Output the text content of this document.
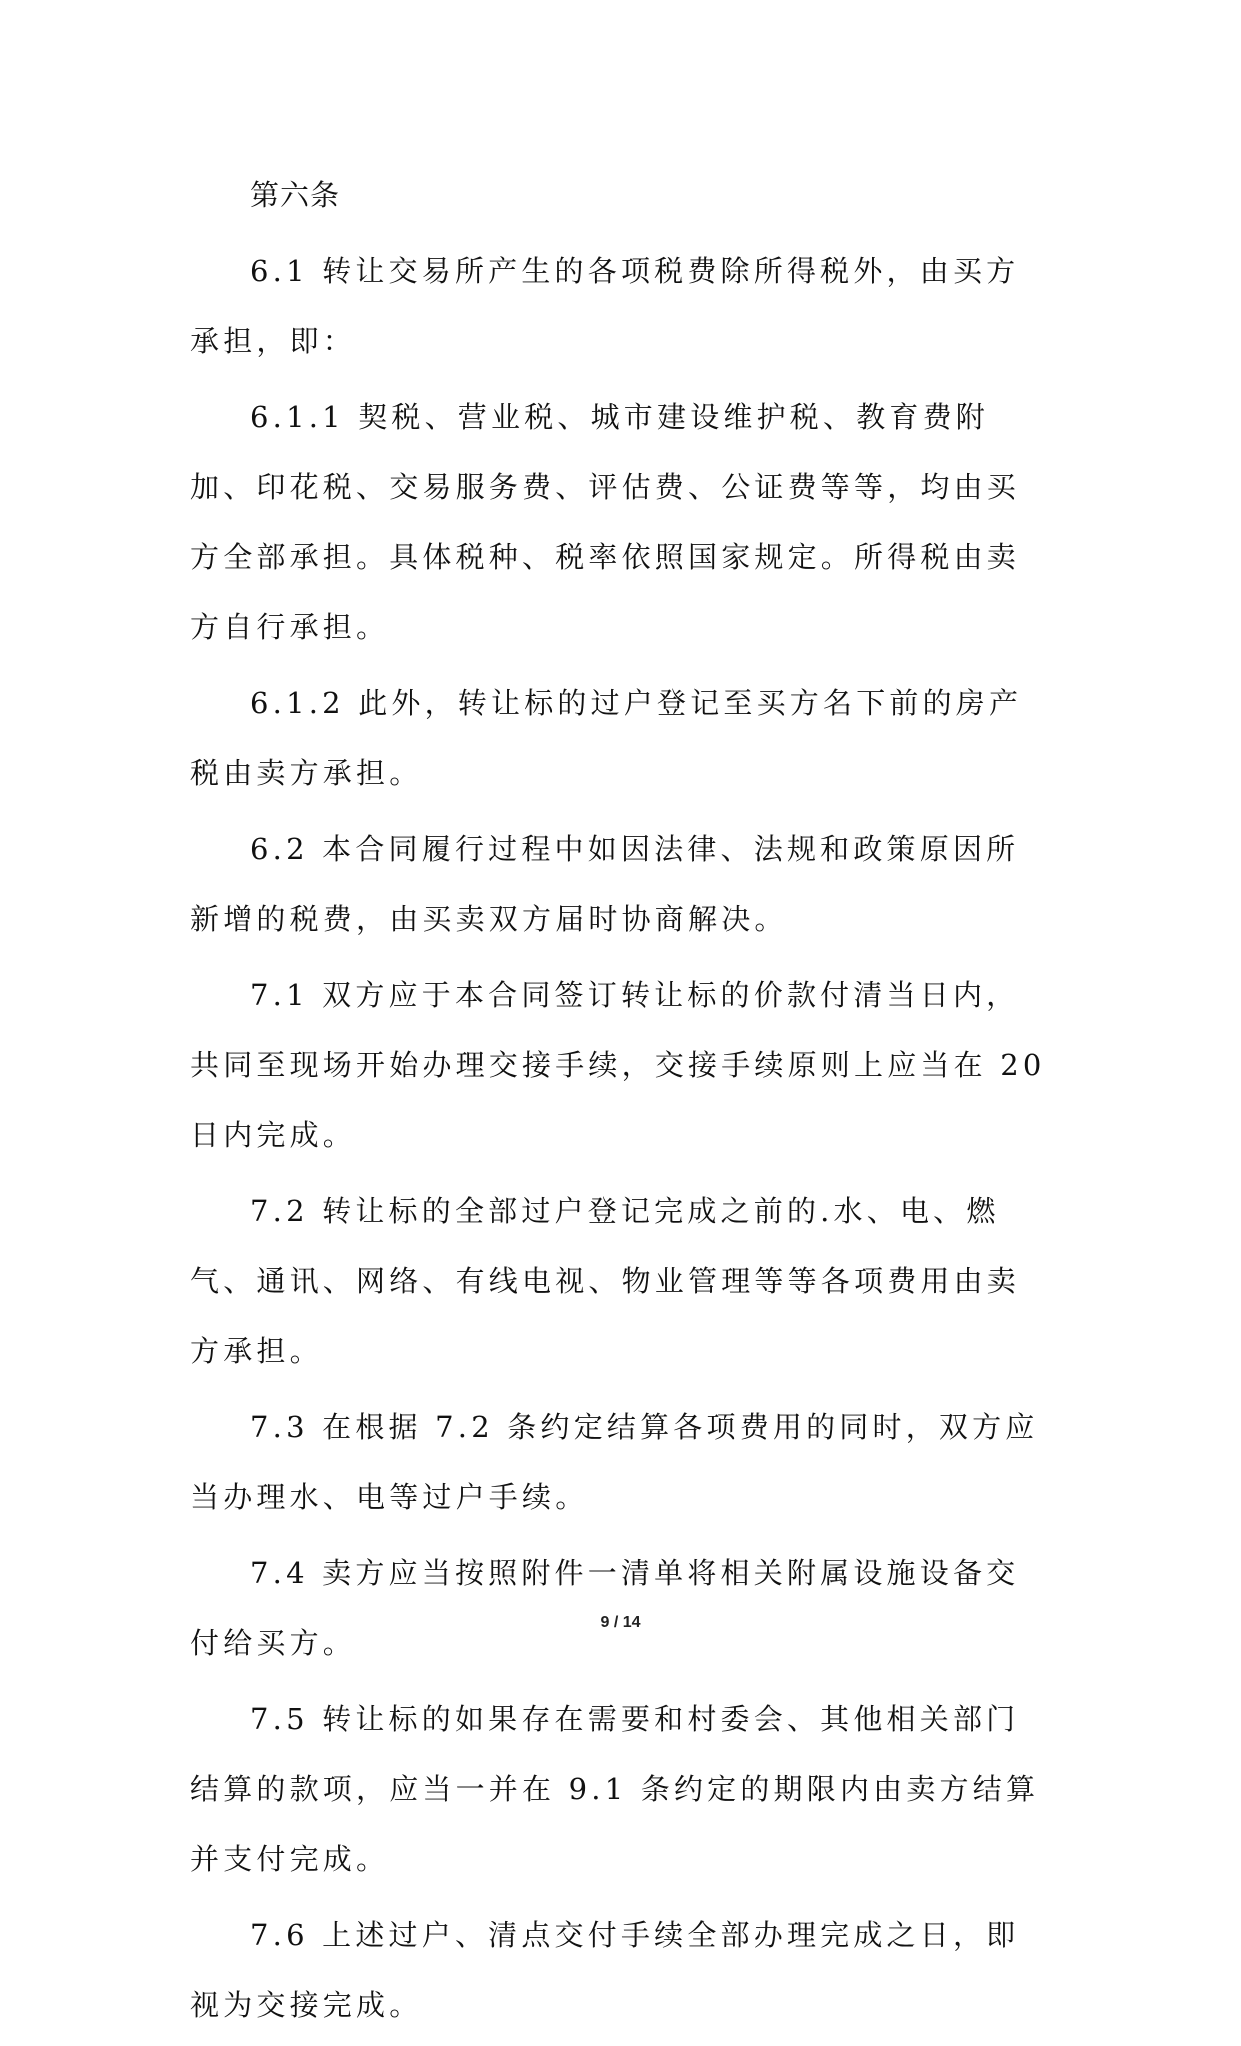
第六条

6.1 转让交易所产生的各项税费除所得税外，由买方承担，即：

6.1.1 契税、营业税、城市建设维护税、教育费附加、印花税、交易服务费、评估费、公证费等等，均由买方全部承担。具体税种、税率依照国家规定。所得税由卖方自行承担。

6.1.2 此外，转让标的过户登记至买方名下前的房产税由卖方承担。

6.2 本合同履行过程中如因法律、法规和政策原因所新增的税费，由买卖双方届时协商解决。

7.1 双方应于本合同签订转让标的价款付清当日内，共同至现场开始办理交接手续，交接手续原则上应当在 20 日内完成。

7.2 转让标的全部过户登记完成之前的.水、电、燃气、通讯、网络、有线电视、物业管理等等各项费用由卖方承担。

7.3 在根据 7.2 条约定结算各项费用的同时，双方应当办理水、电等过户手续。

7.4 卖方应当按照附件一清单将相关附属设施设备交付给买方。

7.5 转让标的如果存在需要和村委会、其他相关部门结算的款项，应当一并在 9.1 条约定的期限内由卖方结算并支付完成。

7.6 上述过户、清点交付手续全部办理完成之日，即视为交接完成。

9 / 14
